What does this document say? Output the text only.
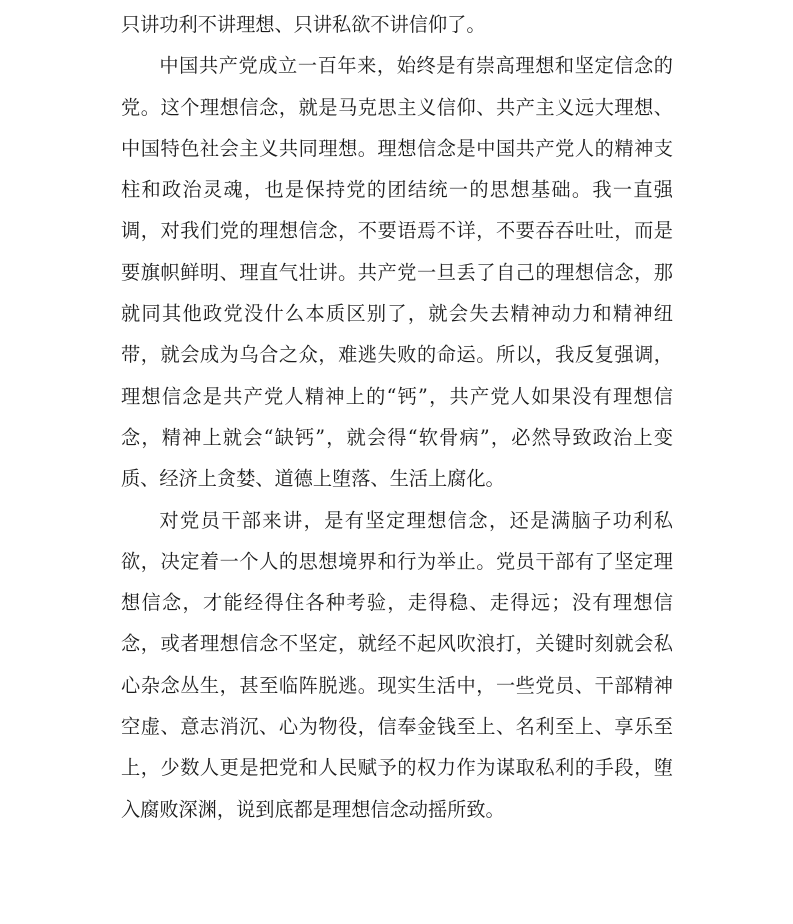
只讲功利不讲理想、只讲私欲不讲信仰了。

中国共产党成立一百年来，始终是有崇高理想和坚定信念的党。这个理想信念，就是马克思主义信仰、共产主义远大理想、中国特色社会主义共同理想。理想信念是中国共产党人的精神支柱和政治灵魂，也是保持党的团结统一的思想基础。我一直强调，对我们党的理想信念，不要语焉不详，不要吞吞吐吐，而是要旗帜鲜明、理直气壮讲。共产党一旦丢了自己的理想信念，那就同其他政党没什么本质区别了，就会失去精神动力和精神纽带，就会成为乌合之众，难逃失败的命运。所以，我反复强调，理想信念是共产党人精神上的“钙”，共产党人如果没有理想信念，精神上就会“缺钙”，就会得“软骨病”，必然导致政治上变质、经济上贪婪、道德上堕落、生活上腐化。

对党员干部来讲，是有坚定理想信念，还是满脑子功利私欲，决定着一个人的思想境界和行为举止。党员干部有了坚定理想信念，才能经得住各种考验，走得稳、走得远；没有理想信念，或者理想信念不坚定，就经不起风吹浪打，关键时刻就会私心杂念丛生，甚至临阵脱逃。现实生活中，一些党员、干部精神空虚、意志消沉、心为物役，信奉金钱至上、名利至上、享乐至上，少数人更是把党和人民赋予的权力作为谋取私利的手段，堕入腐败深渊，说到底都是理想信念动摇所致。
